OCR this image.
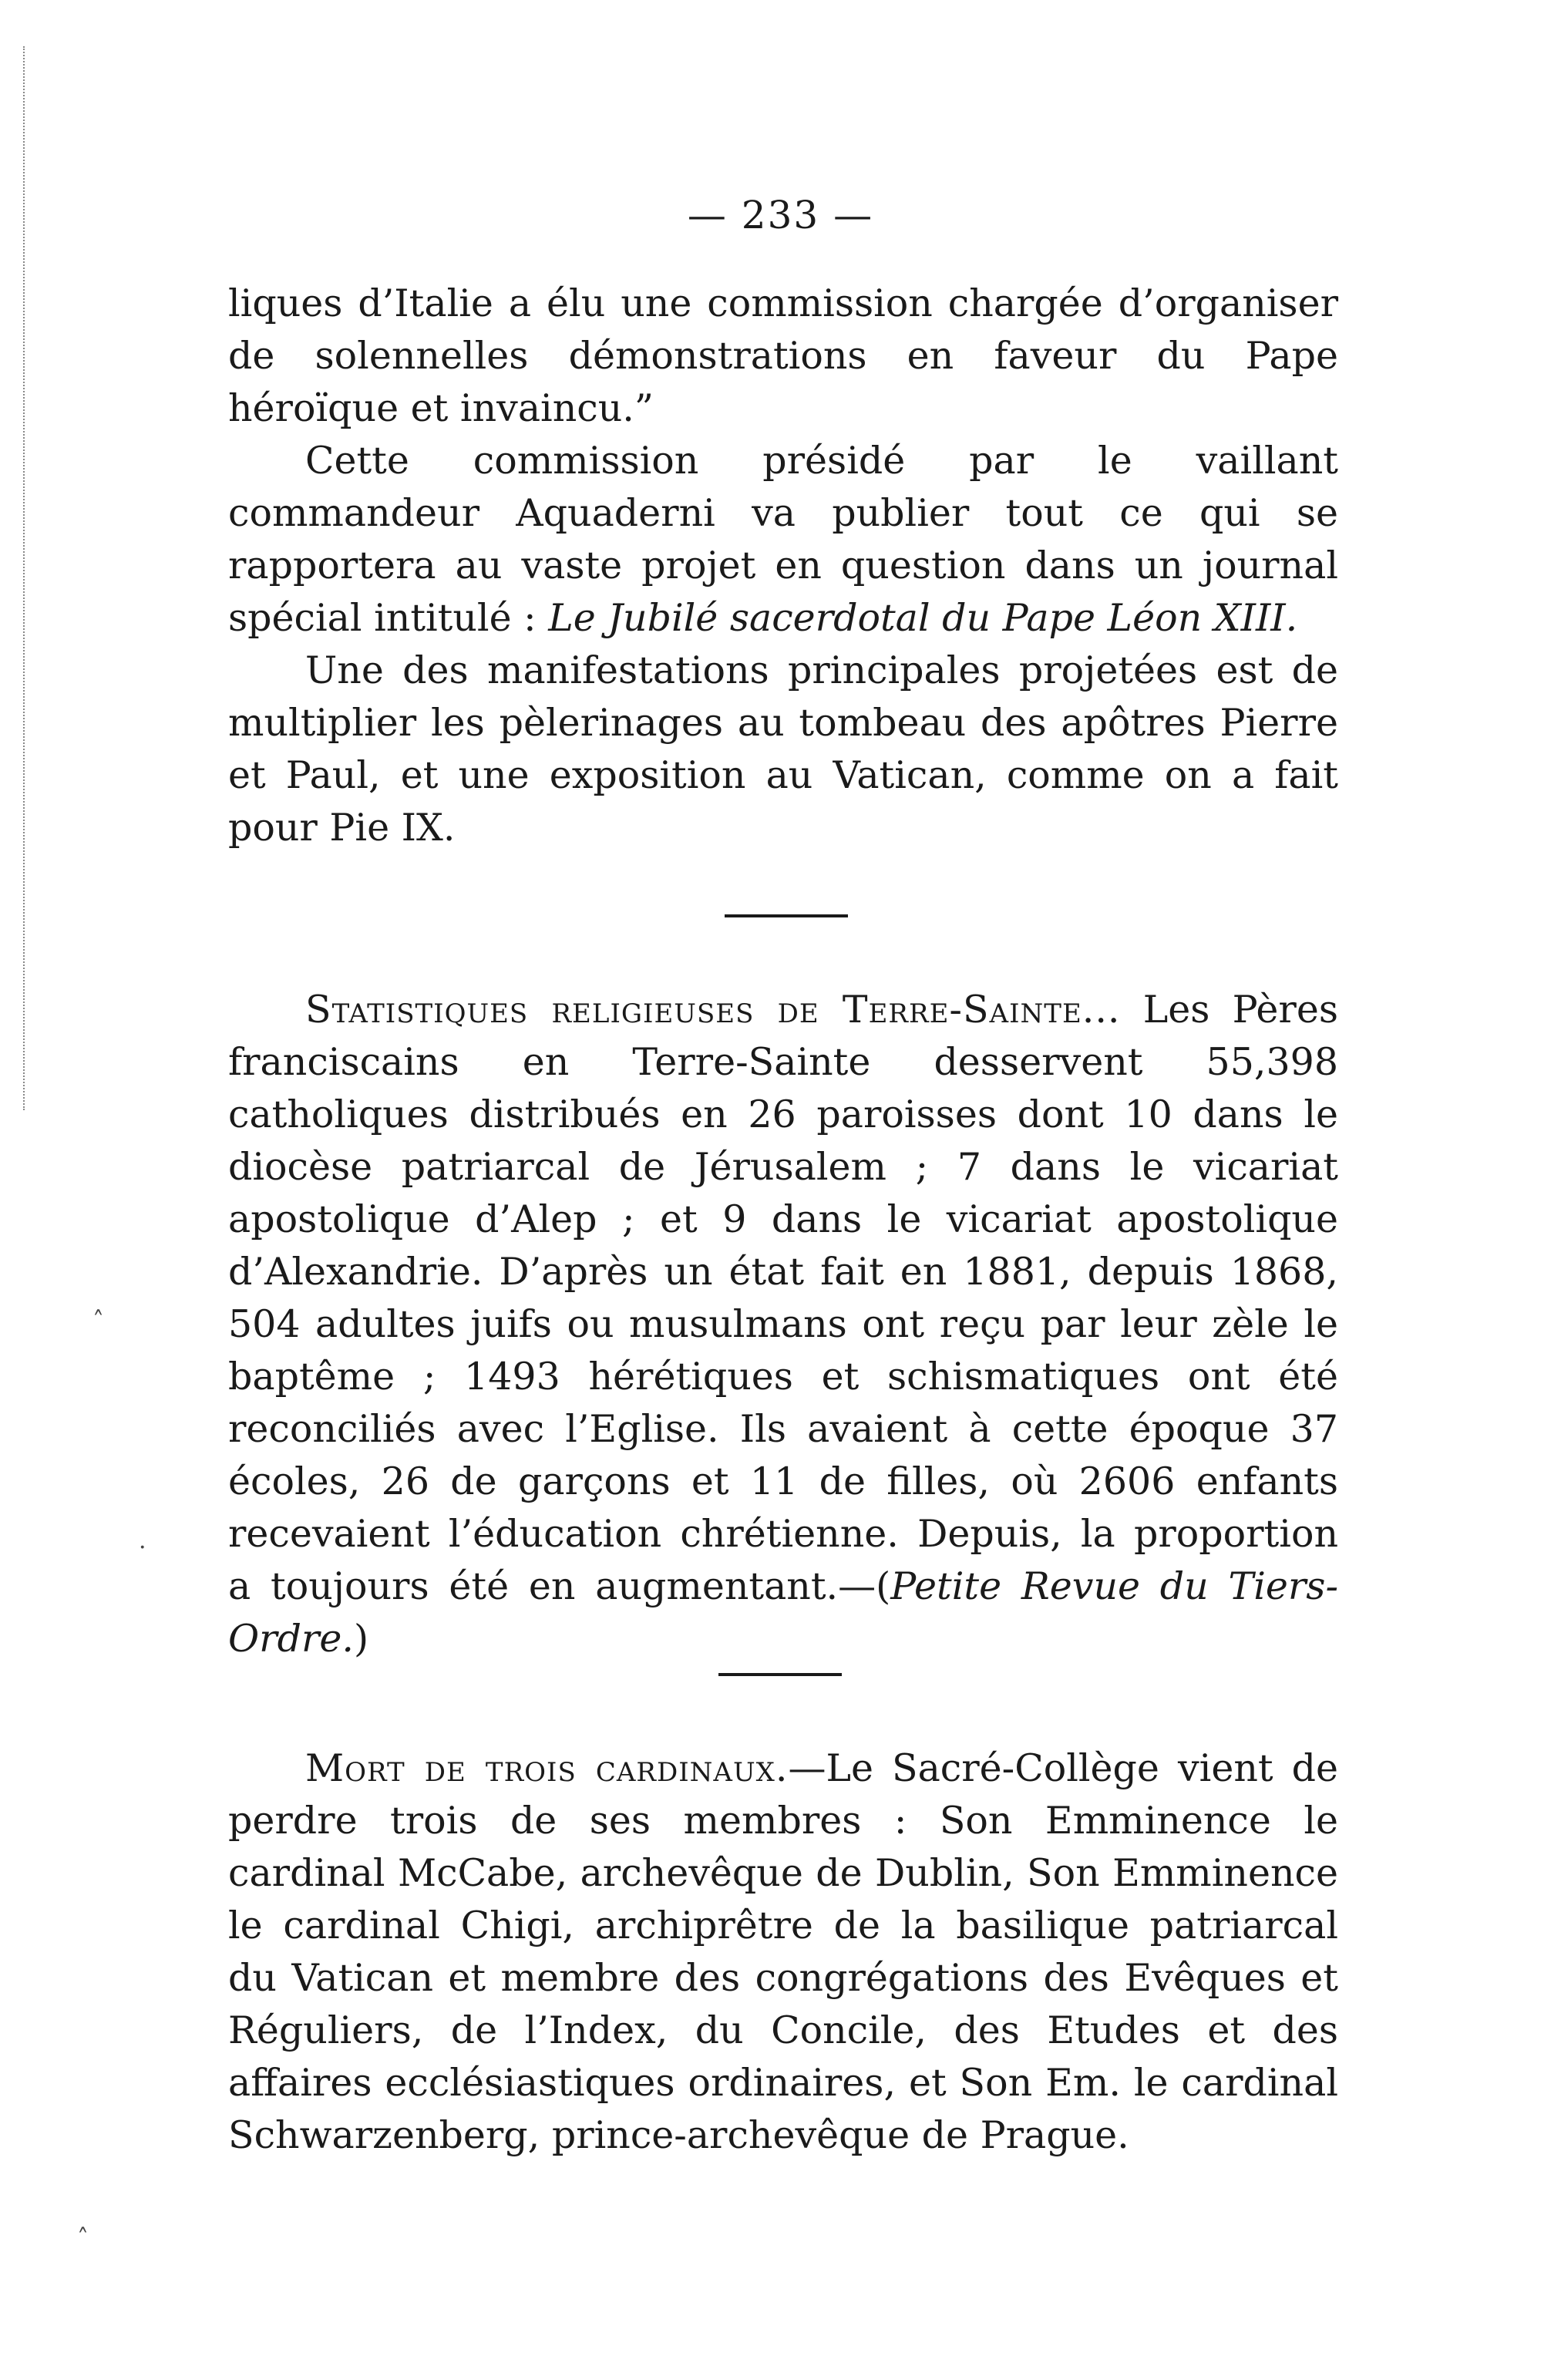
— 233 —

liques d’Italie a élu une commission chargée d’organiser de solennelles démonstrations en faveur du Pape héroïque et invaincu.”

Cette commission présidé par le vaillant commandeur Aquaderni va publier tout ce qui se rapportera au vaste projet en question dans un journal spécial intitulé : Le Jubilé sacerdotal du Pape Léon XIII.

Une des manifestations principales projetées est de multiplier les pèlerinages au tombeau des apôtres Pierre et Paul, et une exposition au Vatican, comme on a fait pour Pie IX.

Statistiques religieuses de Terre-Sainte... Les Pères franciscains en Terre-Sainte desservent 55,398 catholiques distribués en 26 paroisses dont 10 dans le diocèse patriarcal de Jérusalem ; 7 dans le vicariat apostolique d’Alep ; et 9 dans le vicariat apostolique d’Alexandrie. D’après un état fait en 1881, depuis 1868, 504 adultes juifs ou musulmans ont reçu par leur zèle le baptême ; 1493 hérétiques et schismatiques ont été reconciliés avec l’Eglise. Ils avaient à cette époque 37 écoles, 26 de garçons et 11 de filles, où 2606 enfants recevaient l’éducation chrétienne. Depuis, la proportion a toujours été en augmentant.—(Petite Revue du Tiers-Ordre.)

Mort de trois cardinaux.—Le Sacré-Collège vient de perdre trois de ses membres : Son Emminence le cardinal McCabe, archevêque de Dublin, Son Emminence le cardinal Chigi, archiprêtre de la basilique patriarcal du Vatican et membre des congrégations des Evêques et Réguliers, de l’Index, du Concile, des Etudes et des affaires ecclésiastiques ordinaires, et Son Em. le cardinal Schwarzenberg, prince-archevêque de Prague.

˰
·
˰
